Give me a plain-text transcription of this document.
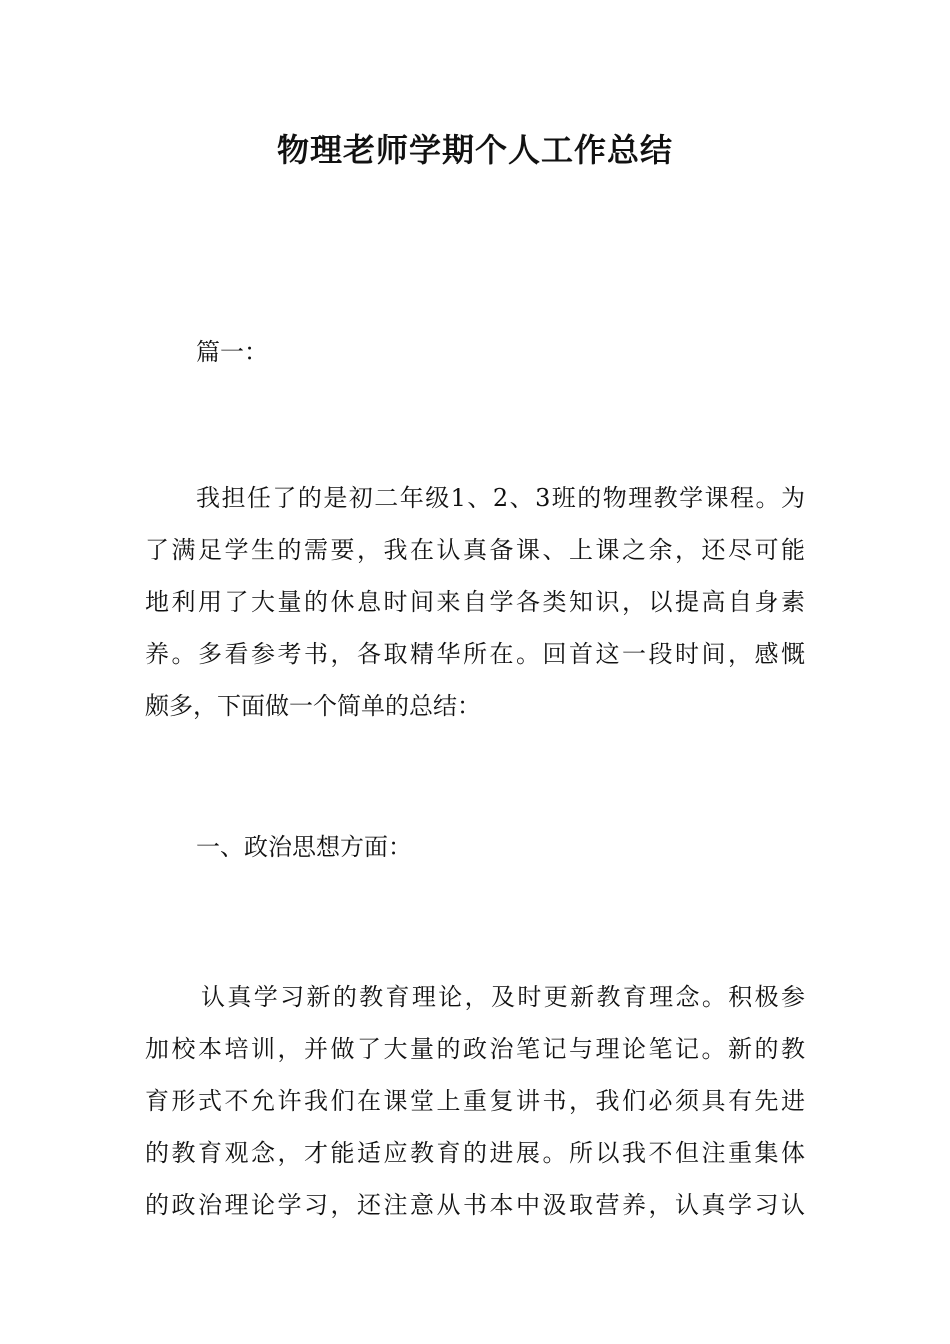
物理老师学期个人工作总结

篇一：

我担任了的是初二年级1、2、3班的物理教学课程。为
了满足学生的需要，我在认真备课、上课之余，还尽可能
地利用了大量的休息时间来自学各类知识，以提高自身素
养。多看参考书，各取精华所在。回首这一段时间，感慨
颇多，下面做一个简单的总结：

一、政治思想方面：

认真学习新的教育理论，及时更新教育理念。积极参
加校本培训，并做了大量的政治笔记与理论笔记。新的教
育形式不允许我们在课堂上重复讲书，我们必须具有先进
的教育观念，才能适应教育的进展。所以我不但注重集体
的政治理论学习，还注意从书本中汲取营养，认真学习认
